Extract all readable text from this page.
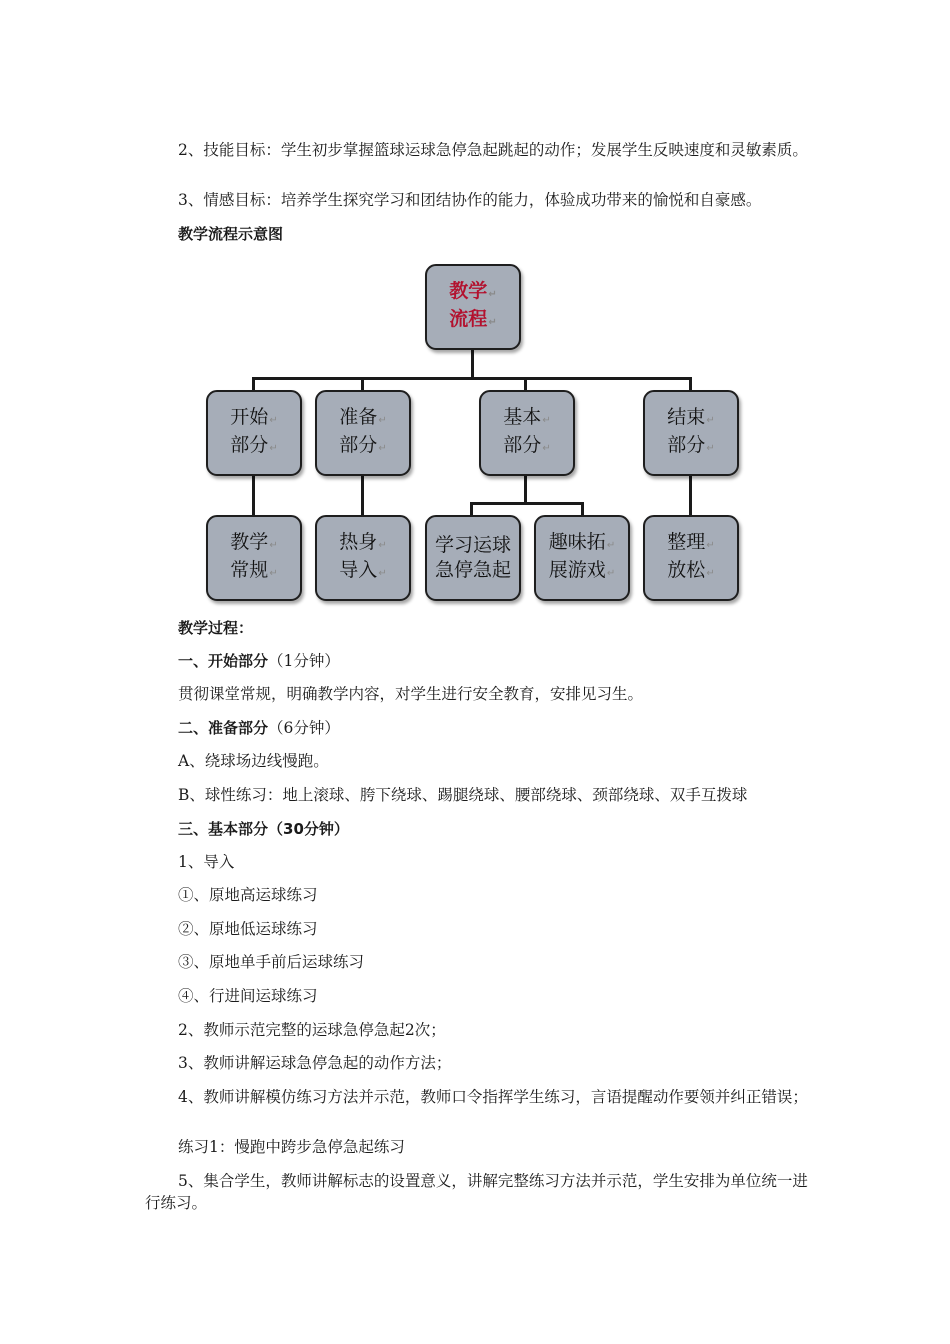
2、技能目标：学生初步掌握篮球运球急停急起跳起的动作；发展学生反映速度和灵敏素质。
3、情感目标：培养学生探究学习和团结协作的能力，体验成功带来的愉悦和自豪感。
教学流程示意图
教学↵
流程↵
开始↵
部分↵
准备↵
部分↵
基本↵
部分↵
结束↵
部分↵
教学↵
常规↵
热身↵
导入↵
学习运球
急停急起
趣味拓↵
展游戏↵
整理↵
放松↵
教学过程：
一、开始部分（1分钟）
贯彻课堂常规，明确教学内容，对学生进行安全教育，安排见习生。
二、准备部分（6分钟）
A、绕球场边线慢跑。
B、球性练习：地上滚球、胯下绕球、踢腿绕球、腰部绕球、颈部绕球、双手互拨球
三、基本部分（30分钟）
1、导入
①、原地高运球练习
②、原地低运球练习
③、原地单手前后运球练习
④、行进间运球练习
2、教师示范完整的运球急停急起2次；
3、教师讲解运球急停急起的动作方法；
4、教师讲解模仿练习方法并示范，教师口令指挥学生练习，言语提醒动作要领并纠正错误；
练习1：慢跑中跨步急停急起练习
5、集合学生，教师讲解标志的设置意义，讲解完整练习方法并示范，学生安排为单位统一进行练习。
